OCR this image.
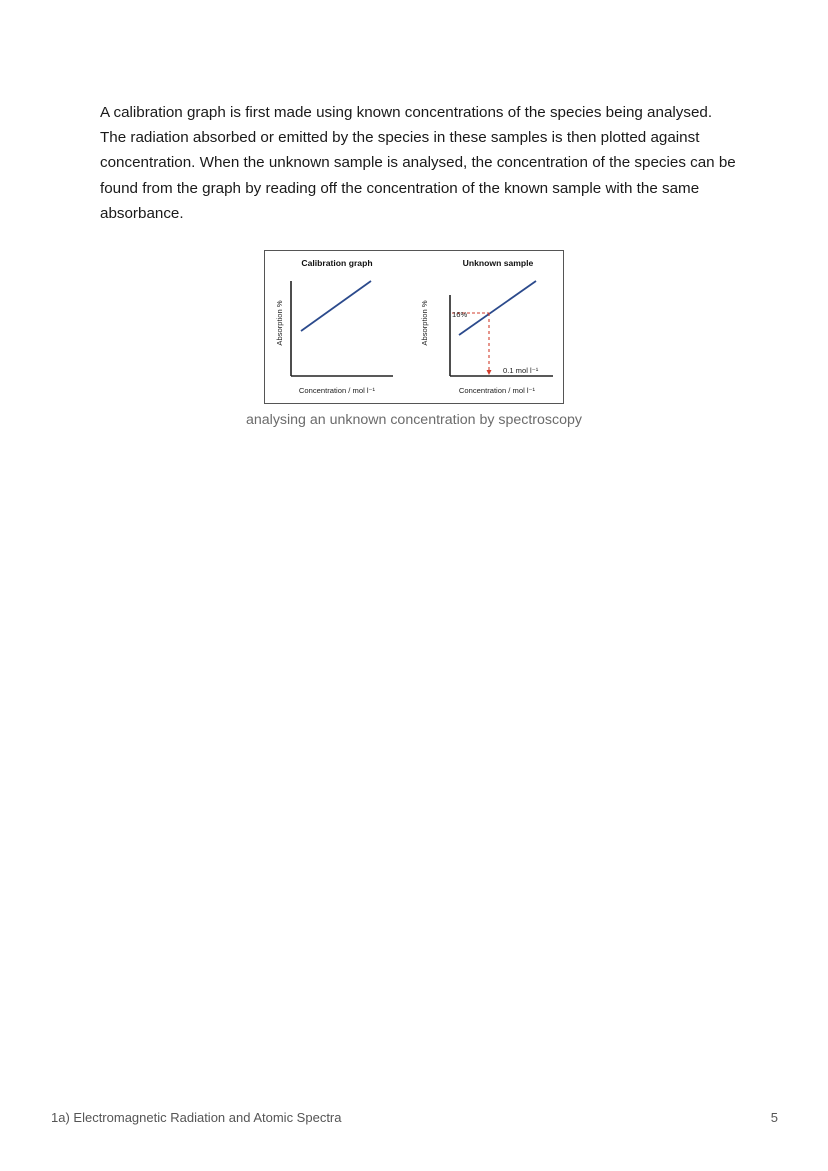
A calibration graph is first made using known concentrations of the species being analysed. The radiation absorbed or emitted by the species in these samples is then plotted against concentration. When the unknown sample is analysed, the concentration of the species can be found from the graph by reading off the concentration of the known sample with the same absorbance.

Calibration graph
Absorption %
Concentration / mol l⁻¹
Unknown sample
Absorption %	16%
0.1 mol l⁻¹
Concentration / mol l⁻¹
analysing an unknown concentration by spectroscopy
1a) Electromagnetic Radiation and Atomic Spectra	5
